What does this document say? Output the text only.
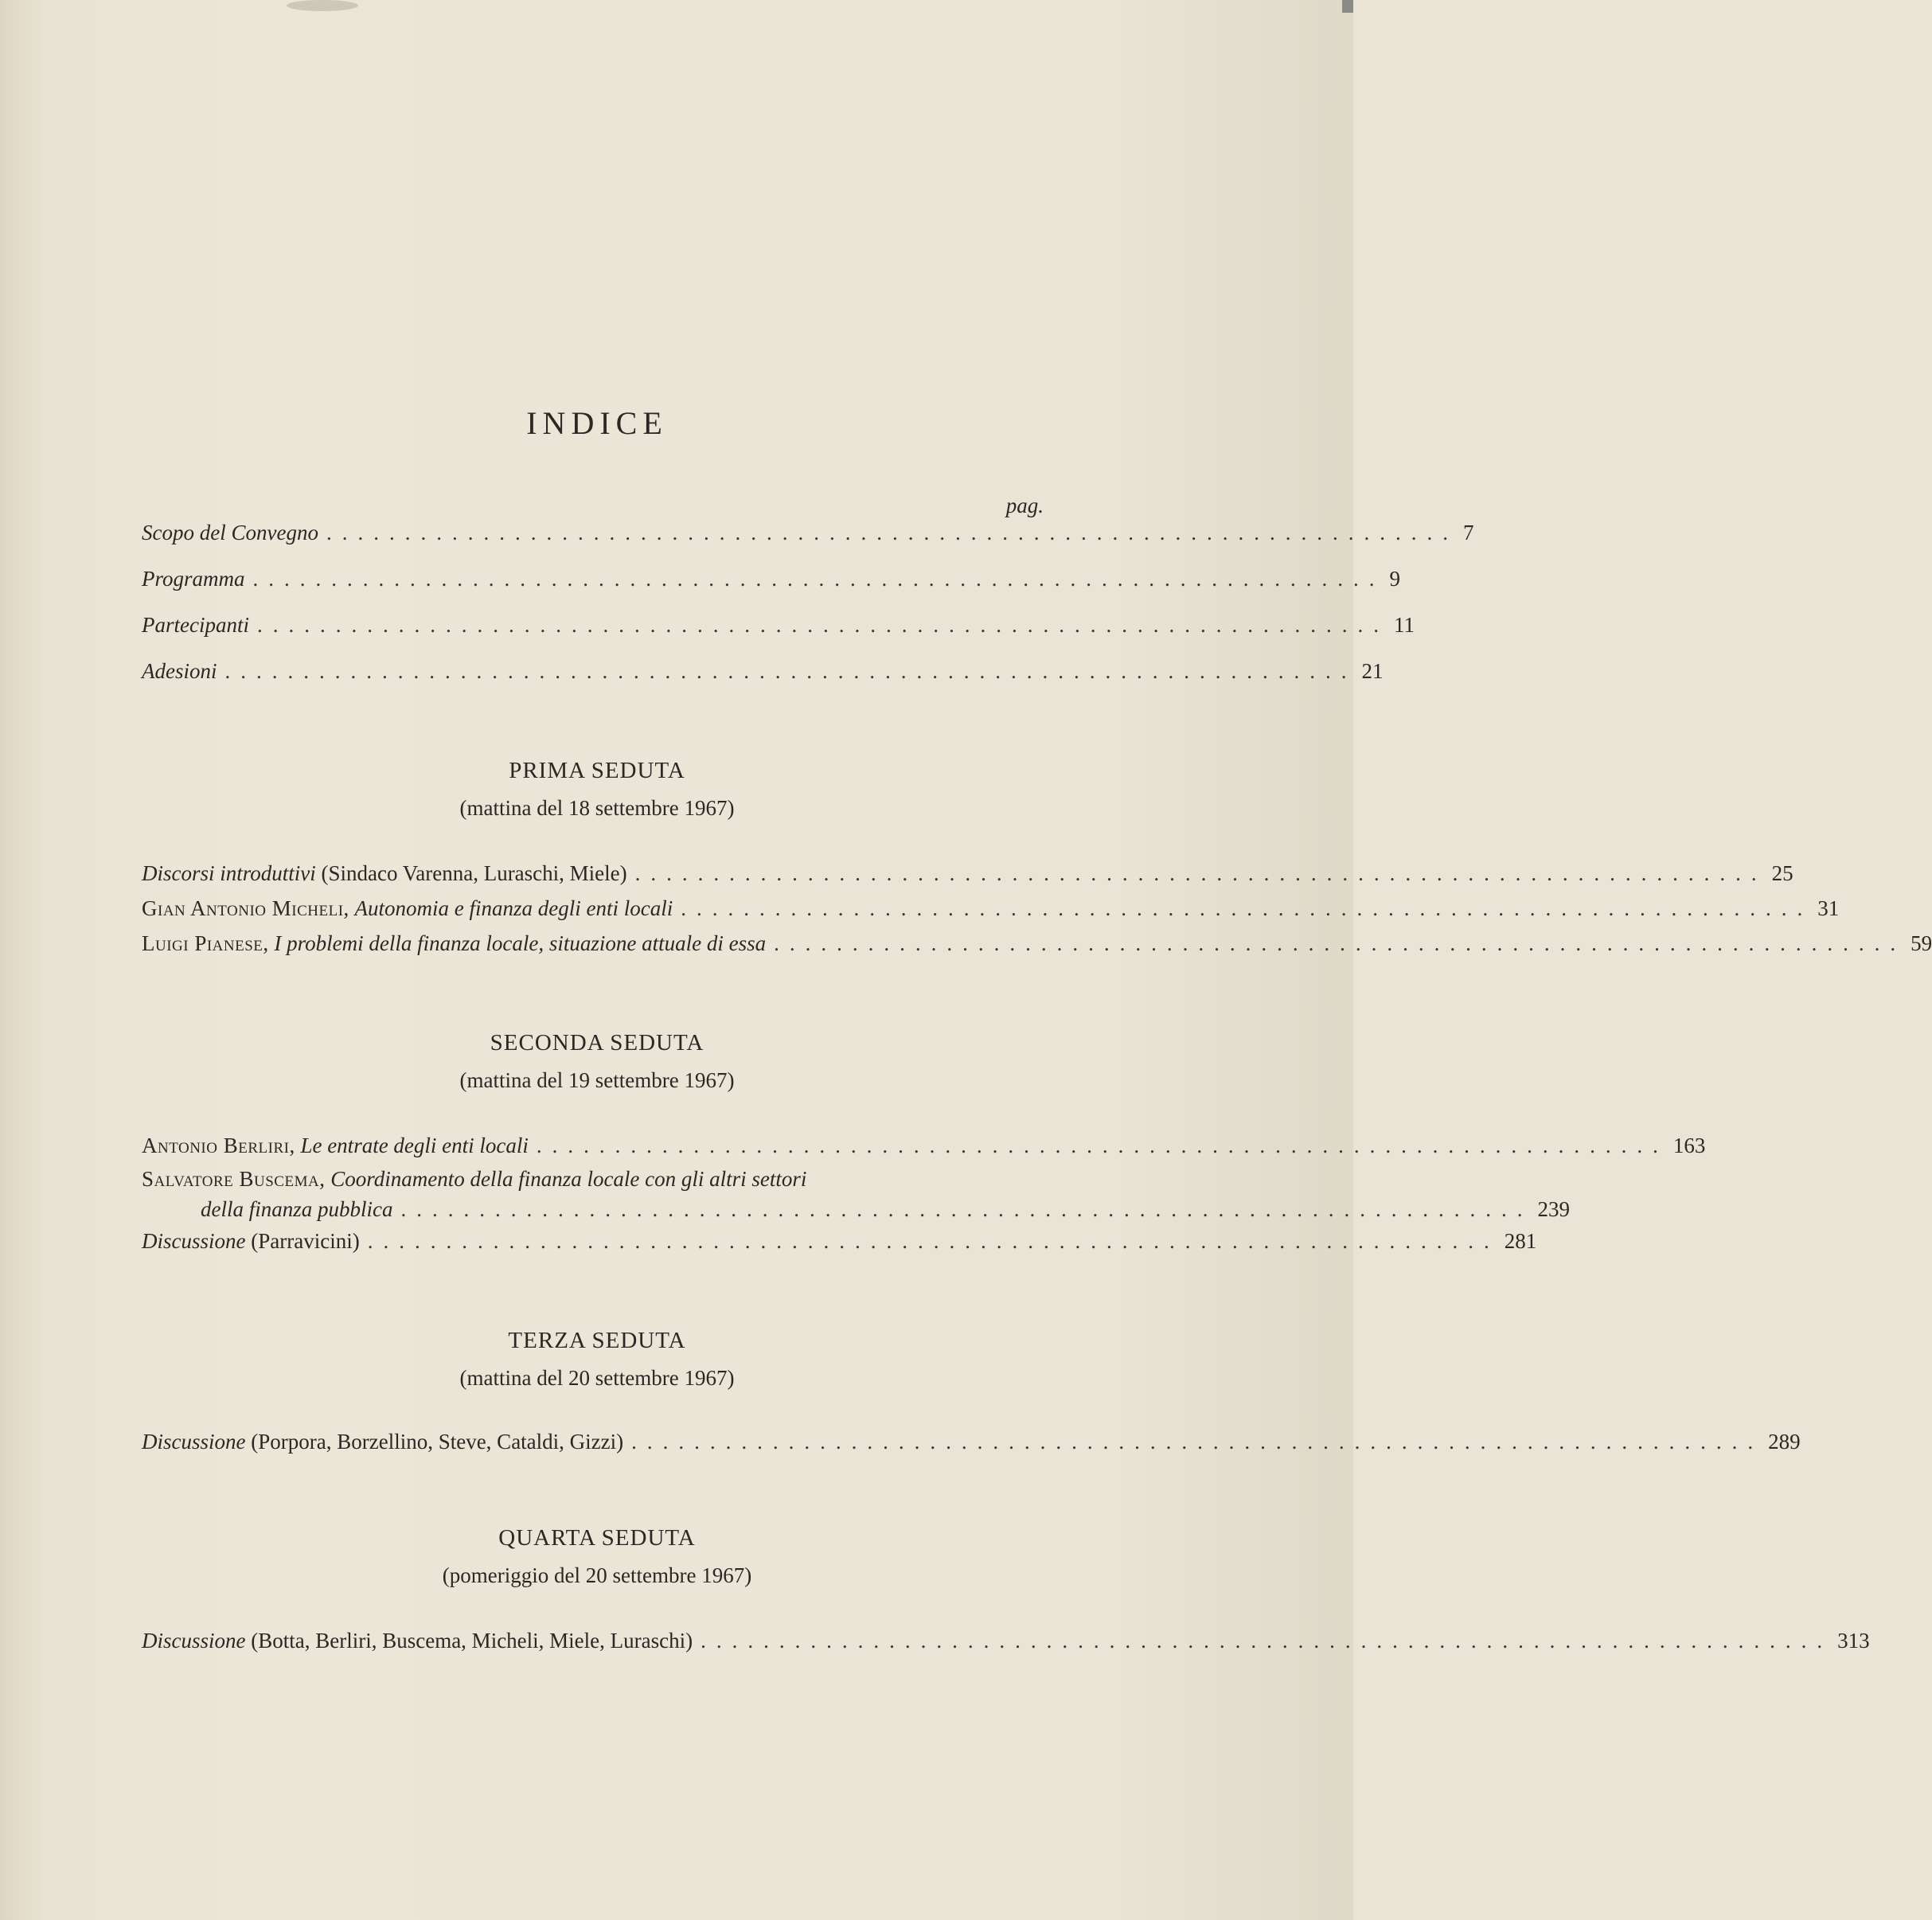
INDICE
pag.
Scopo del Convegno ........................................................................ 7
Programma ........................................................................ 9
Partecipanti ........................................................................ 11
Adesioni ........................................................................ 21
PRIMA SEDUTA
(mattina del 18 settembre 1967)
Discorsi introduttivi (Sindaco Varenna, Luraschi, Miele) ........................................................................ 25
Gian Antonio Micheli, Autonomia e finanza degli enti locali ........................................................................ 31
Luigi Pianese, I problemi della finanza locale, situazione attuale di essa ........................................................................ 59
SECONDA SEDUTA
(mattina del 19 settembre 1967)
Antonio Berliri, Le entrate degli enti locali ........................................................................ 163
Salvatore Buscema, Coordinamento della finanza locale con gli altri settori
della finanza pubblica ........................................................................ 239
Discussione (Parravicini) ........................................................................ 281
TERZA SEDUTA
(mattina del 20 settembre 1967)
Discussione (Porpora, Borzellino, Steve, Cataldi, Gizzi) ........................................................................ 289
QUARTA SEDUTA
(pomeriggio del 20 settembre 1967)
Discussione (Botta, Berliri, Buscema, Micheli, Miele, Luraschi) ........................................................................ 313
